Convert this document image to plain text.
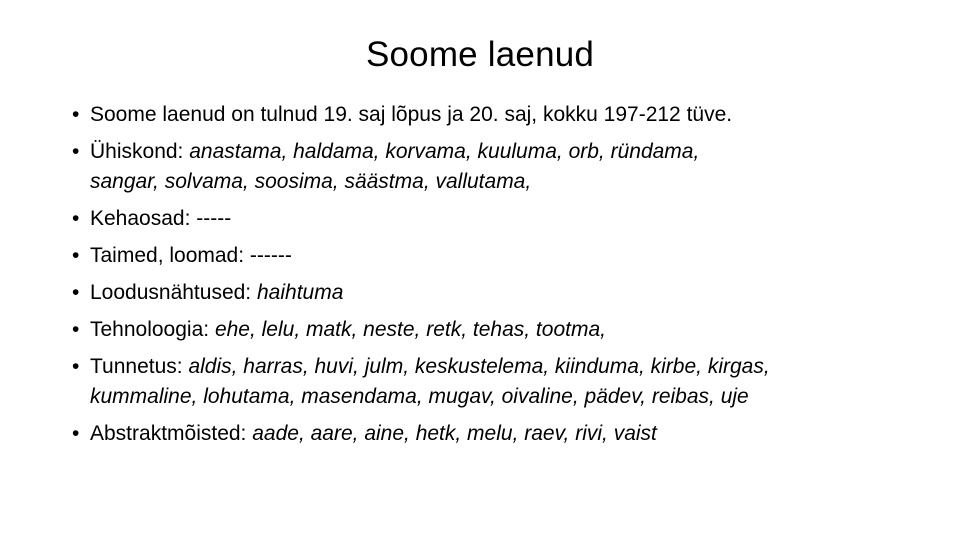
Soome laenud
• Soome laenud on tulnud 19. saj lõpus ja 20. saj, kokku 197-212 tüve.
• Ühiskond: anastama, haldama, korvama, kuuluma, orb, ründama,
sangar, solvama, soosima, säästma, vallutama,
• Kehaosad: -----
• Taimed, loomad: ------
• Loodusnähtused: haihtuma
• Tehnoloogia: ehe, lelu, matk, neste, retk, tehas, tootma,
• Tunnetus: aldis, harras, huvi, julm, keskustelema, kiinduma, kirbe, kirgas,
kummaline, lohutama, masendama, mugav, oivaline, pädev, reibas, uje
• Abstraktmõisted: aade, aare, aine, hetk, melu, raev, rivi, vaist
